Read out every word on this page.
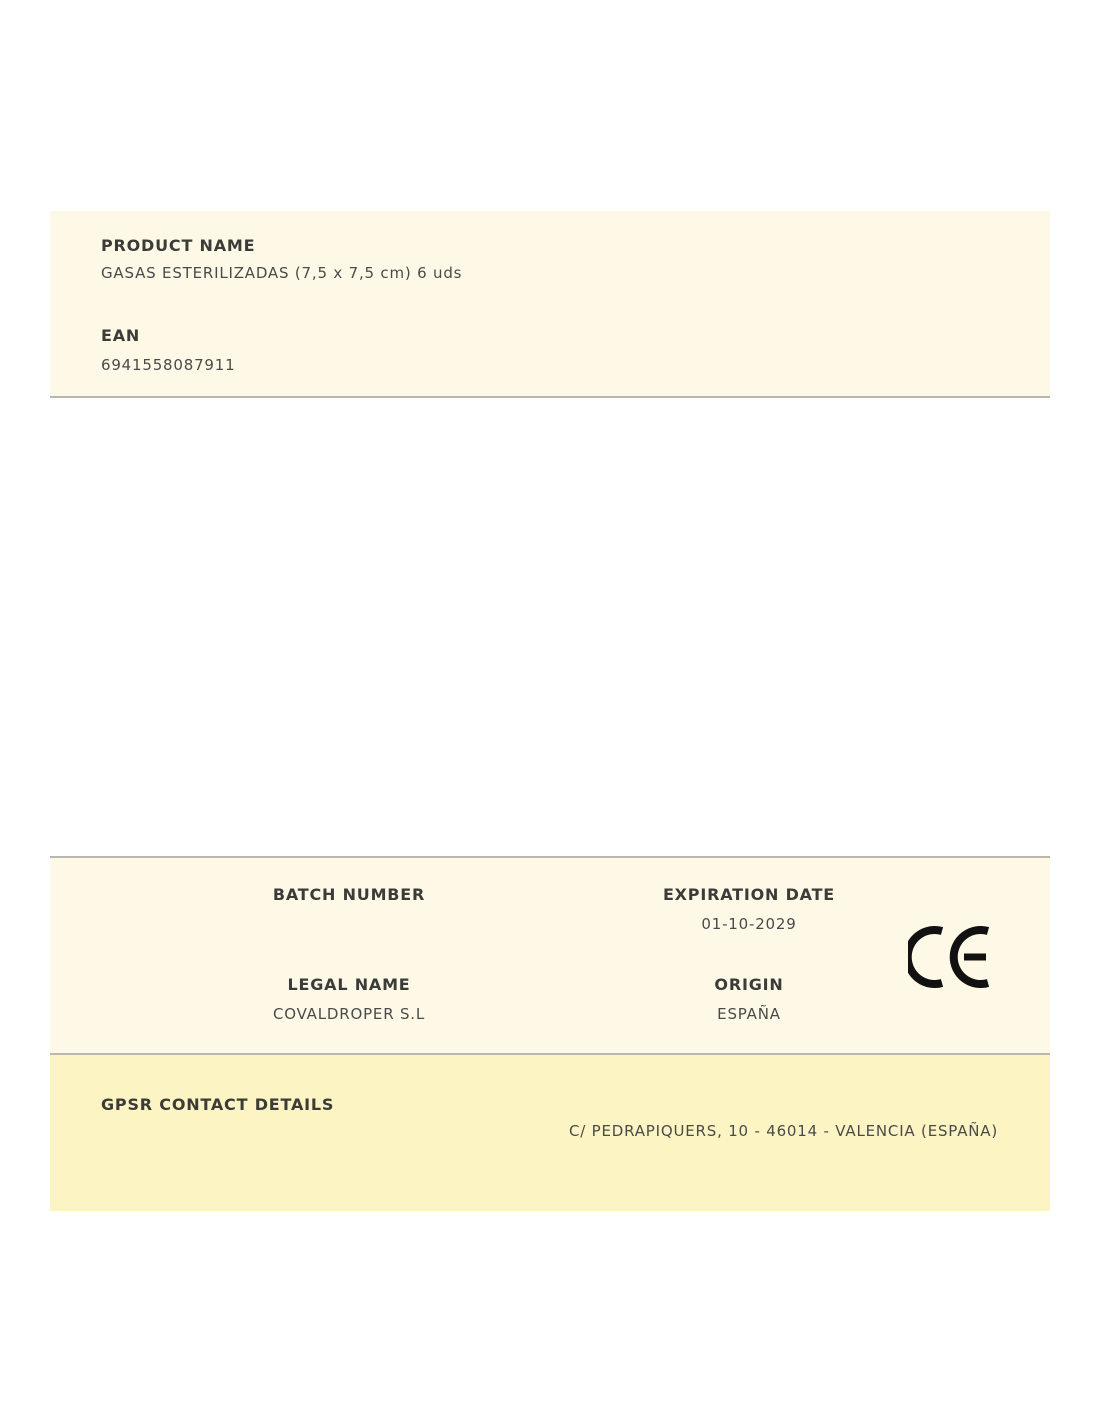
PRODUCT NAME
GASAS ESTERILIZADAS (7,5 x 7,5 cm) 6 uds
EAN
6941558087911
BATCH NUMBER	EXPIRATION DATE
01-10-2029
LEGAL NAME
COVALDROPER S.L
ORIGIN
ESPAÑA
GPSR CONTACT DETAILS
C/ PEDRAPIQUERS, 10 - 46014 - VALENCIA (ESPAÑA)
